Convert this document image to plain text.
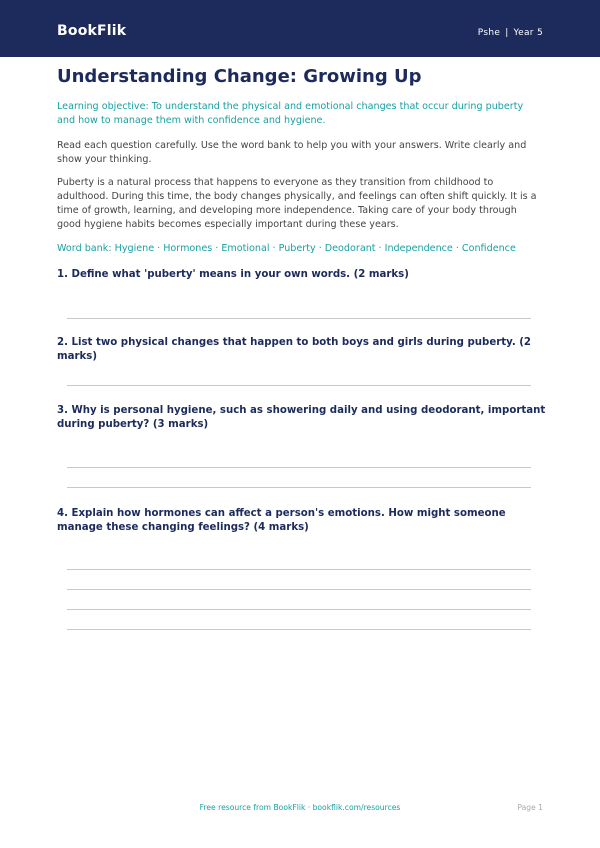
BookFlik	Pshe | Year 5
Understanding Change: Growing Up

Learning objective: To understand the physical and emotional changes that occur during puberty and how to manage them with confidence and hygiene.

Read each question carefully. Use the word bank to help you with your answers. Write clearly and show your thinking.

Puberty is a natural process that happens to everyone as they transition from childhood to adulthood. During this time, the body changes physically, and feelings can often shift quickly. It is a time of growth, learning, and developing more independence. Taking care of your body through good hygiene habits becomes especially important during these years.

Word bank: Hygiene · Hormones · Emotional · Puberty · Deodorant · Independence · Confidence

1. Define what 'puberty' means in your own words. (2 marks)

2. List two physical changes that happen to both boys and girls during puberty. (2 marks)

3. Why is personal hygiene, such as showering daily and using deodorant, important during puberty? (3 marks)

4. Explain how hormones can affect a person's emotions. How might someone manage these changing feelings? (4 marks)

Free resource from BookFlik · bookflik.com/resources	Page 1
